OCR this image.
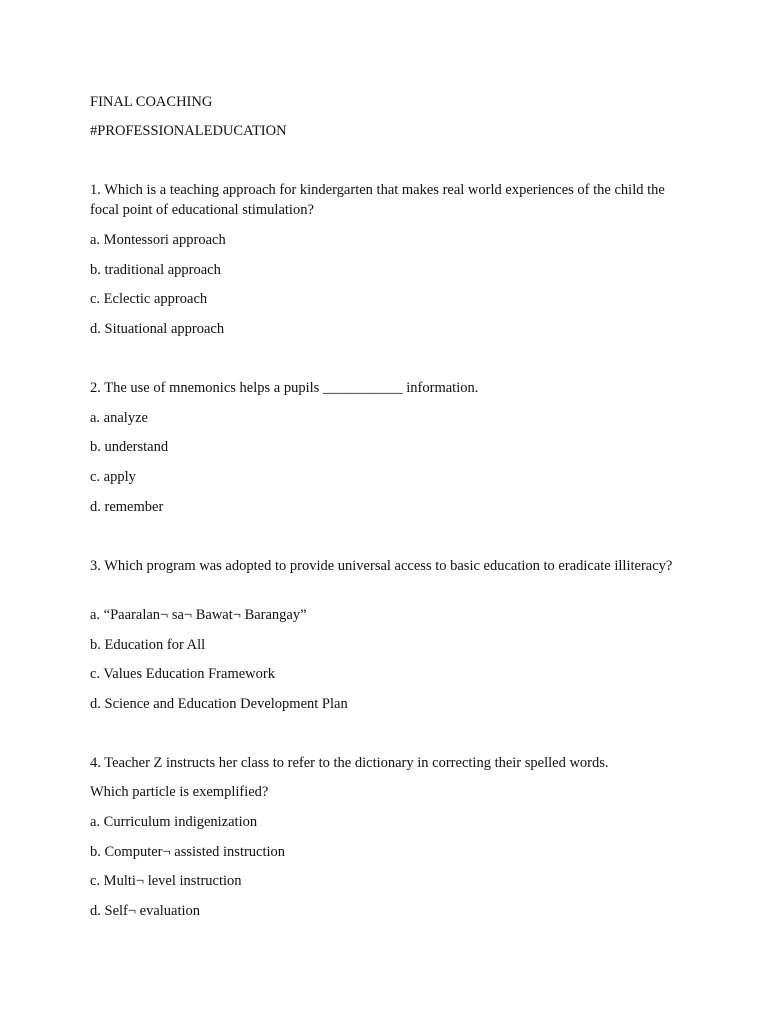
FINAL COACHING
#PROFESSIONALEDUCATION
1. Which is a teaching approach for kindergarten that makes real world experiences of the child the focal point of educational stimulation?
a. Montessori approach
b. traditional approach
c. Eclectic approach
d. Situational approach
2. The use of mnemonics helps a pupils ___________ information.
a. analyze
b. understand
c. apply
d. remember
3. Which program was adopted to provide universal access to basic education to eradicate illiteracy?
a. “Paaralan¬ sa¬ Bawat¬ Barangay”
b. Education for All
c. Values Education Framework
d. Science and Education Development Plan
4. Teacher Z instructs her class to refer to the dictionary in correcting their spelled words.
Which particle is exemplified?
a. Curriculum indigenization
b. Computer¬ assisted instruction
c. Multi¬ level instruction
d. Self¬ evaluation
